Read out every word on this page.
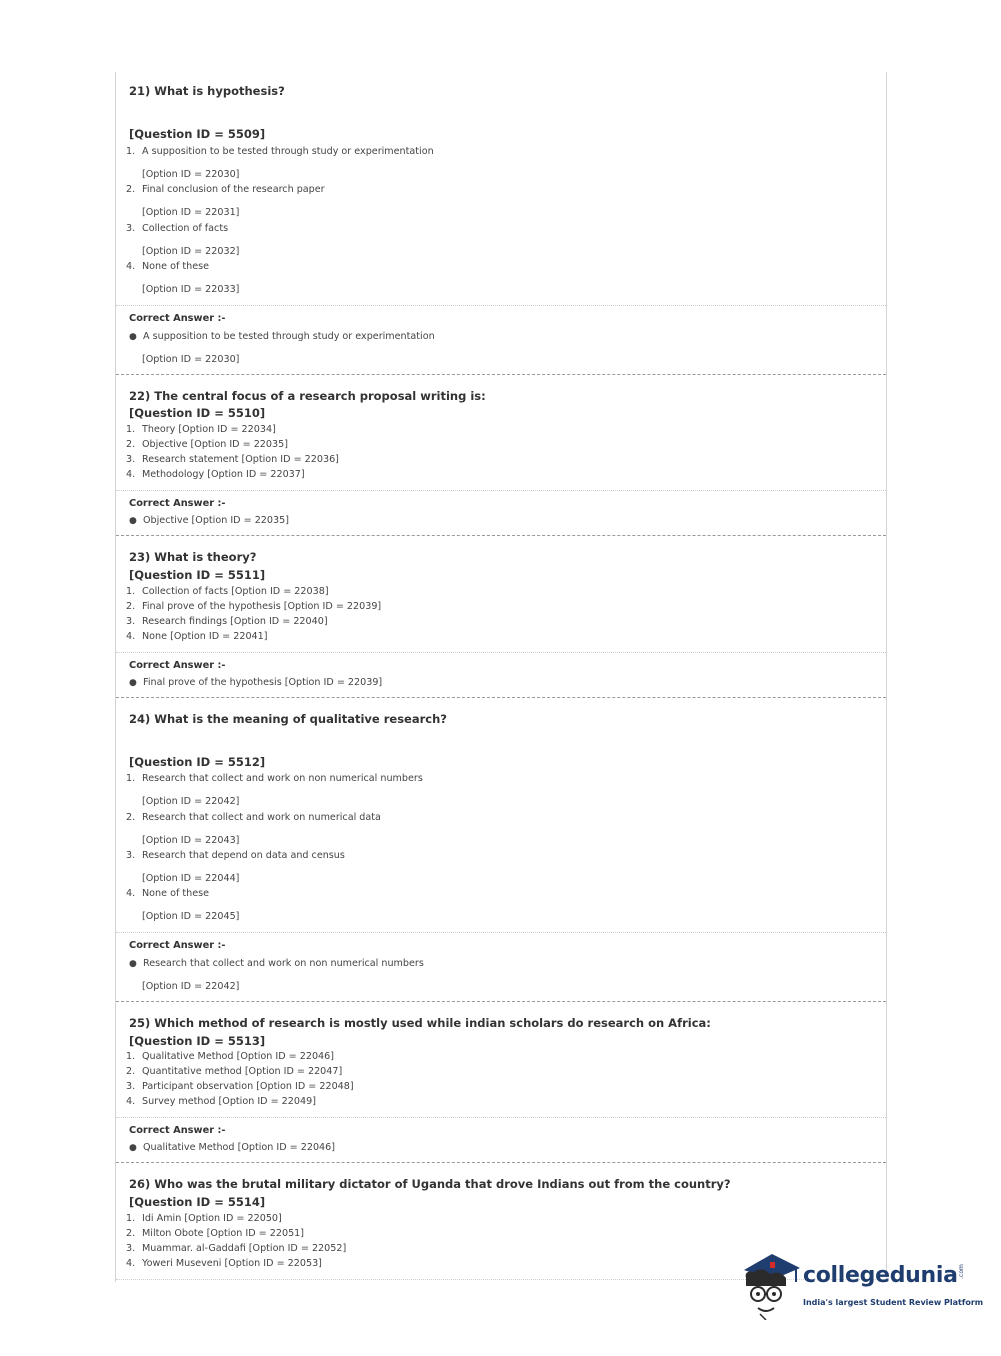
21) What is hypothesis?
[Question ID = 5509]
1. A supposition to be tested through study or experimentation
[Option ID = 22030]
2. Final conclusion of the research paper
[Option ID = 22031]
3. Collection of facts
[Option ID = 22032]
4. None of these
[Option ID = 22033]
Correct Answer :-
● A supposition to be tested through study or experimentation
[Option ID = 22030]
22) The central focus of a research proposal writing is:
[Question ID = 5510]
1. Theory [Option ID = 22034]
2. Objective [Option ID = 22035]
3. Research statement [Option ID = 22036]
4. Methodology [Option ID = 22037]
Correct Answer :-
● Objective [Option ID = 22035]
23) What is theory?
[Question ID = 5511]
1. Collection of facts [Option ID = 22038]
2. Final prove of the hypothesis [Option ID = 22039]
3. Research findings [Option ID = 22040]
4. None [Option ID = 22041]
Correct Answer :-
● Final prove of the hypothesis [Option ID = 22039]
24) What is the meaning of qualitative research?
[Question ID = 5512]
1. Research that collect and work on non numerical numbers
[Option ID = 22042]
2. Research that collect and work on numerical data
[Option ID = 22043]
3. Research that depend on data and census
[Option ID = 22044]
4. None of these
[Option ID = 22045]
Correct Answer :-
● Research that collect and work on non numerical numbers
[Option ID = 22042]
25) Which method of research is mostly used while indian scholars do research on Africa:
[Question ID = 5513]
1. Qualitative Method [Option ID = 22046]
2. Quantitative method [Option ID = 22047]
3. Participant observation [Option ID = 22048]
4. Survey method [Option ID = 22049]
Correct Answer :-
● Qualitative Method [Option ID = 22046]
26) Who was the brutal military dictator of Uganda that drove Indians out from the country?
[Question ID = 5514]
1. Idi Amin [Option ID = 22050]
2. Milton Obote [Option ID = 22051]
3. Muammar. al-Gaddafi [Option ID = 22052]
4. Yoweri Museveni [Option ID = 22053]	collegedunia .com
India's largest Student Review Platform
